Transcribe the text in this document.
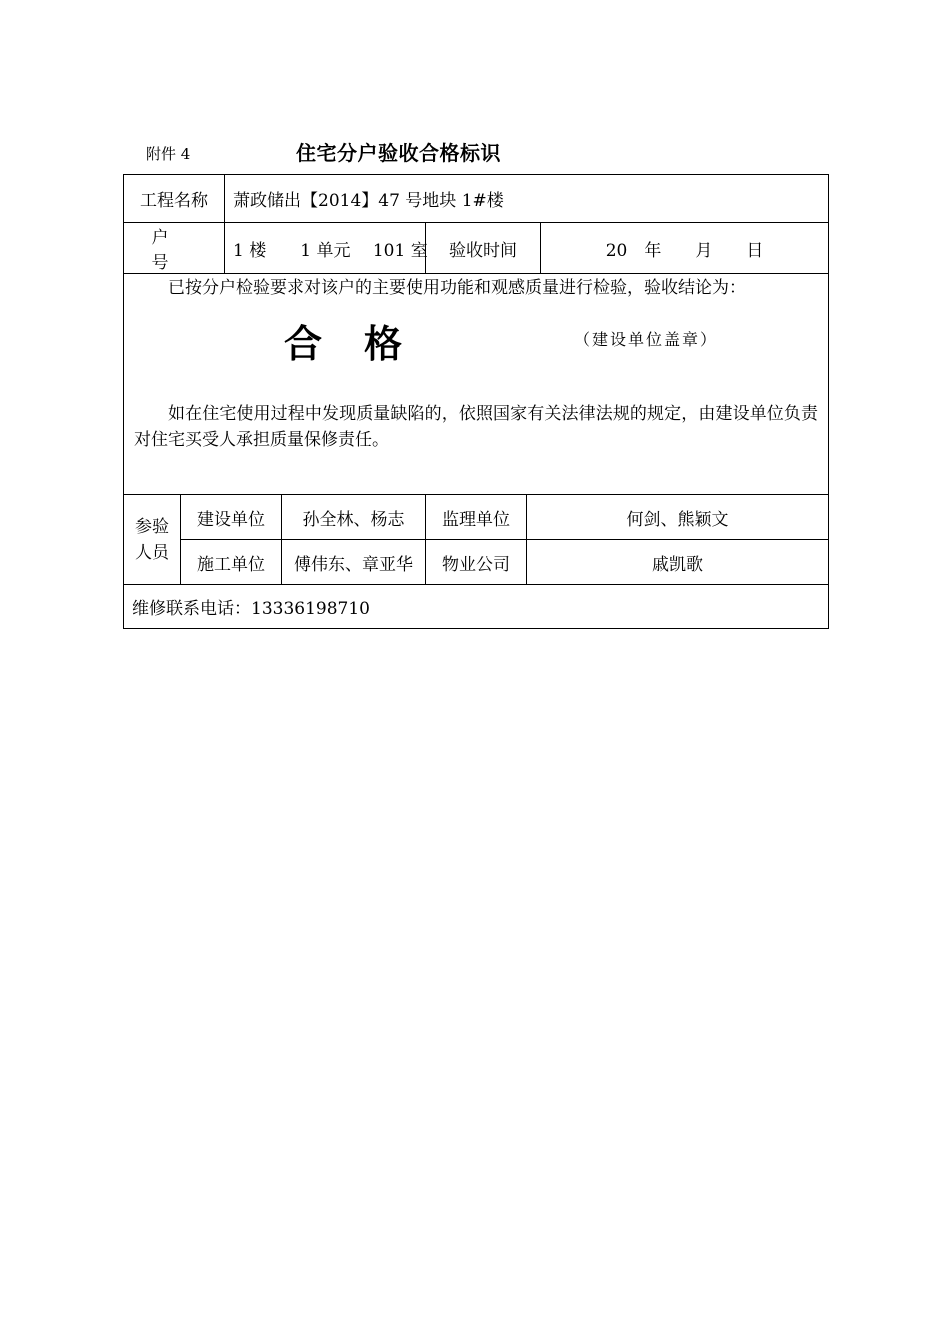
附件 4	住宅分户验收合格标识
工程名称		萧政储出【2014】47 号地块 1#楼			
户 号		1 楼　　1 单元　 101 室	验收时间		20　年　　月　　日

已按分户检验要求对该户的主要使用功能和观感质量进行检验，验收结论为：

合格 （建设单位盖章）

如在住宅使用过程中发现质量缺陷的，依照国家有关法律法规的规定，由建设单位负责对住宅买受人承担质量保修责任。					

参验人员	建设单位 孙全林、杨志		监理单位	何剑、熊颖文	

施工单位 傅伟东、章亚华		物业公司	戚凯歌	
维修联系电话：13336198710					
